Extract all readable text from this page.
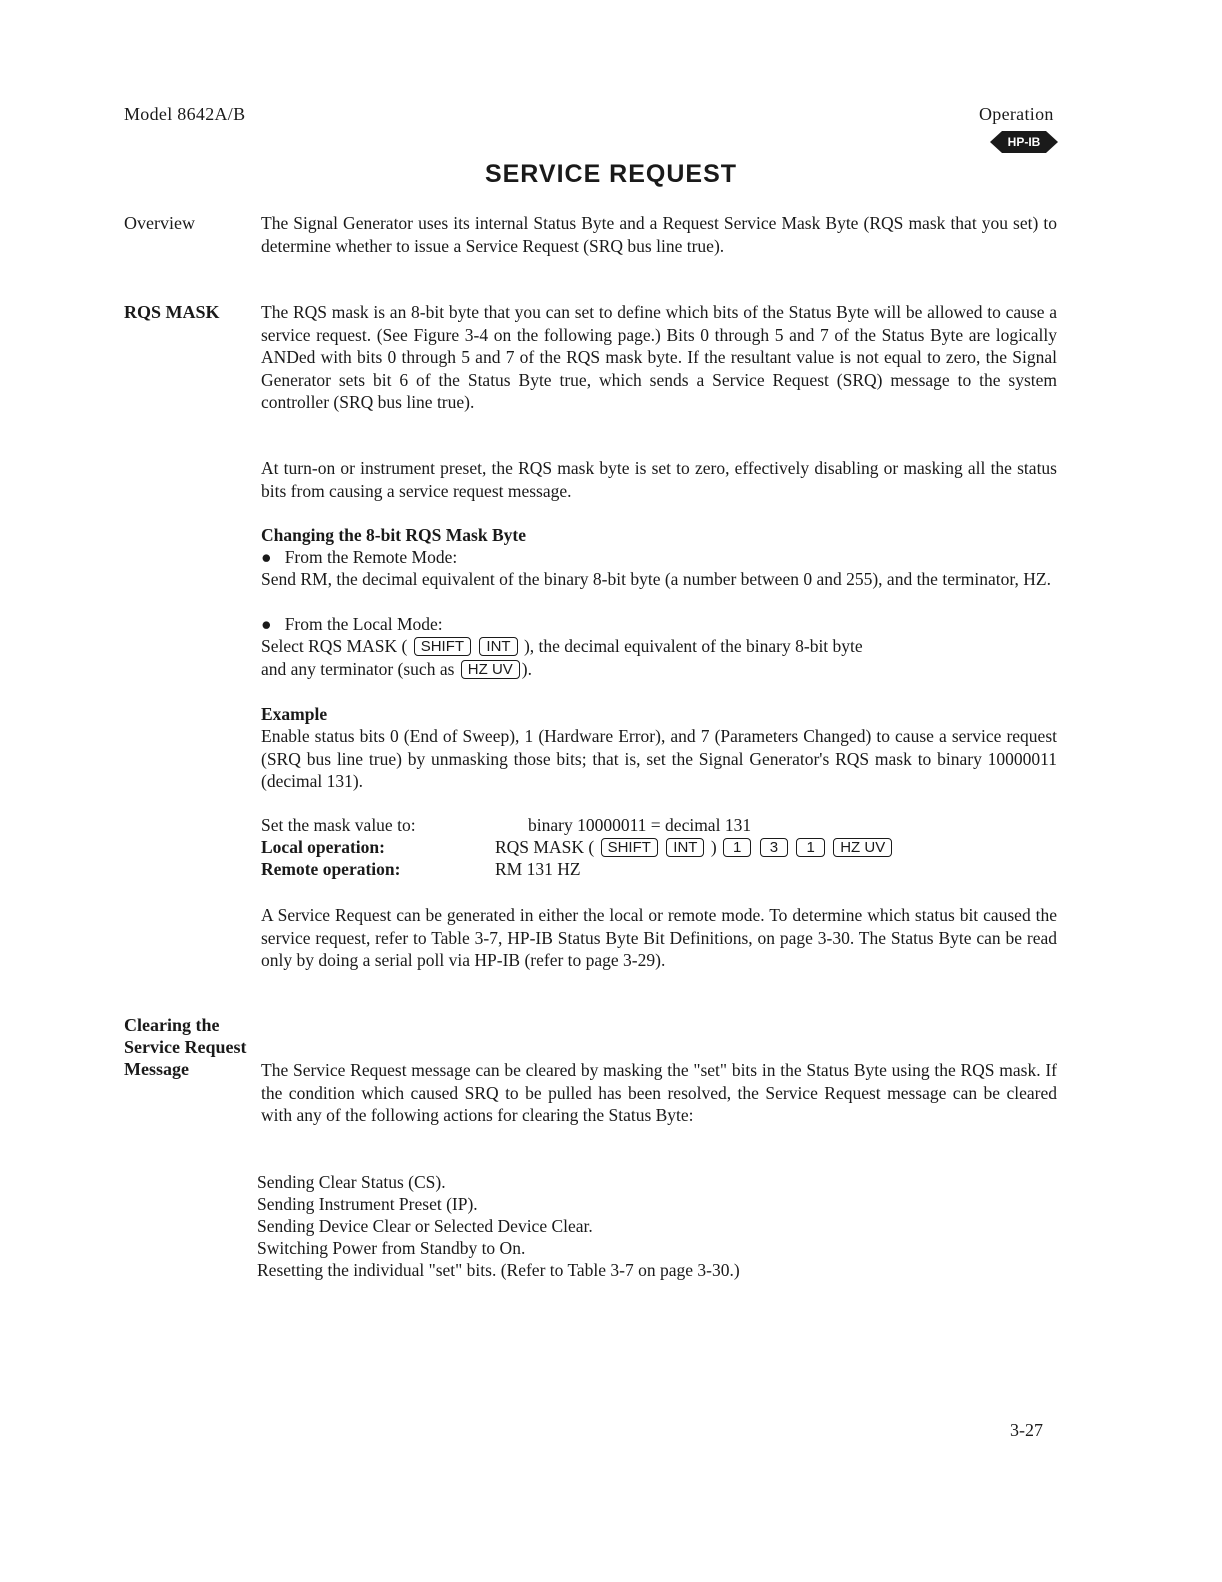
Model 8642A/B	Operation
HP-IB
SERVICE REQUEST
Overview	The Signal Generator uses its internal Status Byte and a Request Service Mask Byte (RQS mask that you set) to determine whether to issue a Service Request (SRQ bus line true).
RQS MASK The RQS mask is an 8-bit byte that you can set to define which bits of the Status Byte will be allowed to cause a service request. (See Figure 3-4 on the following page.) Bits 0 through 5 and 7 of the Status Byte are logically ANDed with bits 0 through 5 and 7 of the RQS mask byte. If the resultant value is not equal to zero, the Signal Generator sets bit 6 of the Status Byte true, which sends a Service Request (SRQ) message to the system controller (SRQ bus line true).
At turn-on or instrument preset, the RQS mask byte is set to zero, effectively disabling or masking all the status bits from causing a service request message.
Changing the 8-bit RQS Mask Byte
● From the Remote Mode:
Send RM, the decimal equivalent of the binary 8-bit byte (a number between 0 and 255), and the terminator, HZ.
● From the Local Mode:
Select RQS MASK ( SHIFT INT ), the decimal equivalent of the binary 8-bit byte
and any terminator (such as HZ UV ).
Example
Enable status bits 0 (End of Sweep), 1 (Hardware Error), and 7 (Parameters Changed) to cause a service request (SRQ bus line true) by unmasking those bits; that is, set the Signal Generator's RQS mask to binary 10000011 (decimal 131).
Set the mask value to:	binary 10000011 = decimal 131
Local operation:	RQS MASK ( SHIFT INT ) 1 3 1 HZ UV
Remote operation:	RM 131 HZ
A Service Request can be generated in either the local or remote mode. To determine which status bit caused the service request, refer to Table 3-7, HP-IB Status Byte Bit Definitions, on page 3-30. The Status Byte can be read only by doing a serial poll via HP-IB (refer to page 3-29).
Clearing the
Service Request
Message	The Service Request message can be cleared by masking the "set" bits in the Status Byte using the RQS mask. If the condition which caused SRQ to be pulled has been resolved, the Service Request message can be cleared with any of the following actions for clearing the Status Byte:
Sending Clear Status (CS).
Sending Instrument Preset (IP).
Sending Device Clear or Selected Device Clear.
Switching Power from Standby to On.
Resetting the individual "set" bits. (Refer to Table 3-7 on page 3-30.)
3-27
